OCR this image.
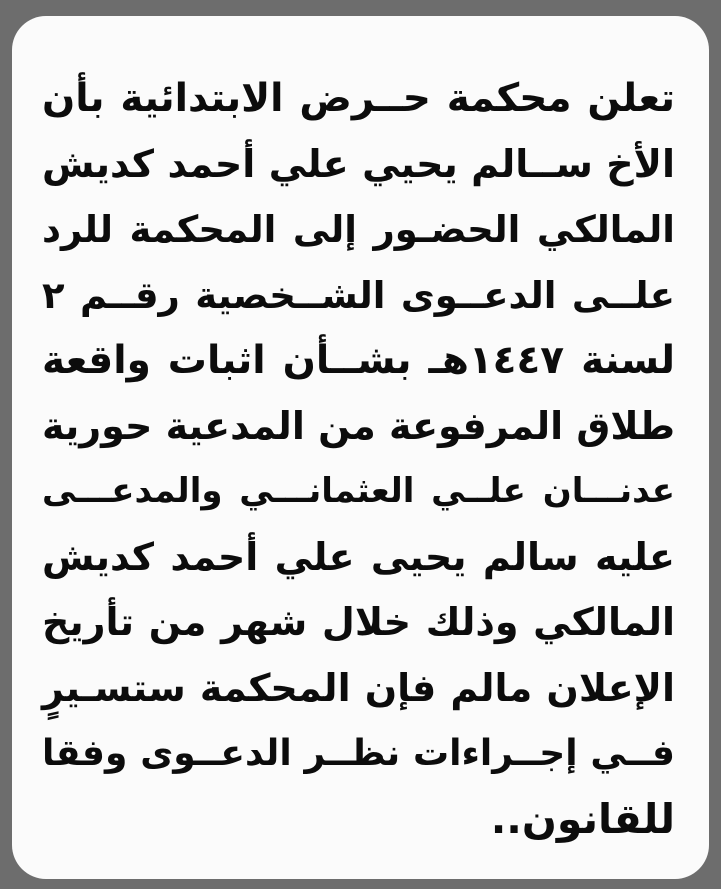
تعلن محكمة حــرض الابتدائية بأن
الأخ ســالم يحيي علي أحمد كديش
المالكي الحضـور إلى المحكمة للرد
علــى الدعــوى الشــخصية رقــم ٢
لسنة ١٤٤٧هـ بشــأن اثبات واقعة
طلاق المرفوعة من المدعية حورية
عدنـــان علــي العثمانـــي والمدعـــى
عليه سالم يحيى علي أحمد كديش
المالكي وذلك خلال شهر من تأريخ
الإعلان مالم فإن المحكمة ستسـيرٍ
فــي إجــراءات نظــر الدعــوى وفقا
للقانون..
